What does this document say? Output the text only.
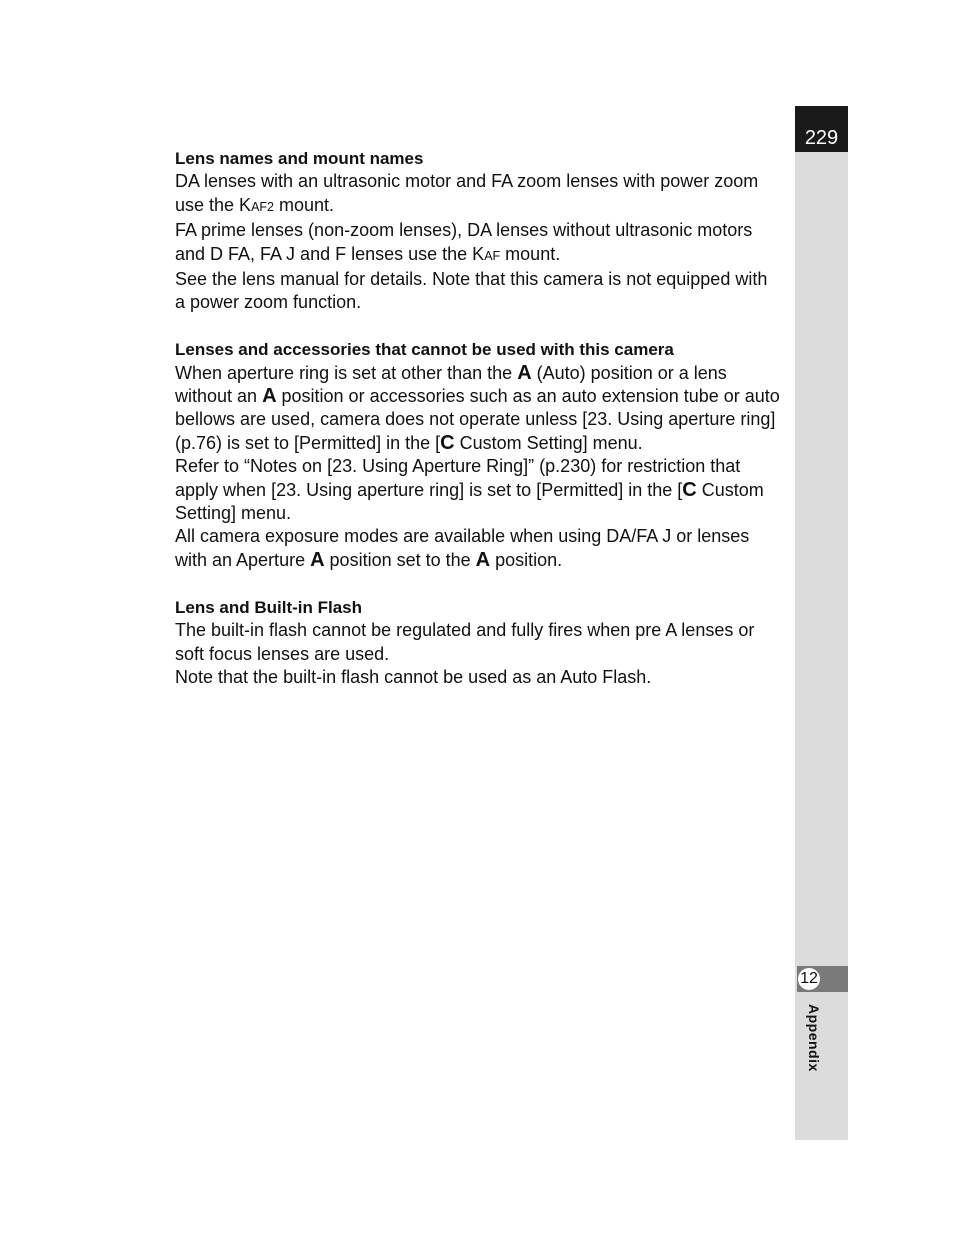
229
12
Appendix
Lens names and mount names

DA lenses with an ultrasonic motor and FA zoom lenses with power zoom use the KAF2 mount.

FA prime lenses (non-zoom lenses), DA lenses without ultrasonic motors and D FA, FA J and F lenses use the KAF mount.

See the lens manual for details. Note that this camera is not equipped with a power zoom function.

Lenses and accessories that cannot be used with this camera

When aperture ring is set at other than the A (Auto) position or a lens without an A position or accessories such as an auto extension tube or auto bellows are used, camera does not operate unless [23. Using aperture ring] (p.76) is set to [Permitted] in the [C Custom Setting] menu.

Refer to “Notes on [23. Using Aperture Ring]” (p.230) for restriction that apply when [23. Using aperture ring] is set to [Permitted] in the [C Custom Setting] menu.

All camera exposure modes are available when using DA/FA J or lenses with an Aperture A position set to the A position.

Lens and Built-in Flash

The built-in flash cannot be regulated and fully fires when pre A lenses or soft focus lenses are used.

Note that the built-in flash cannot be used as an Auto Flash.
